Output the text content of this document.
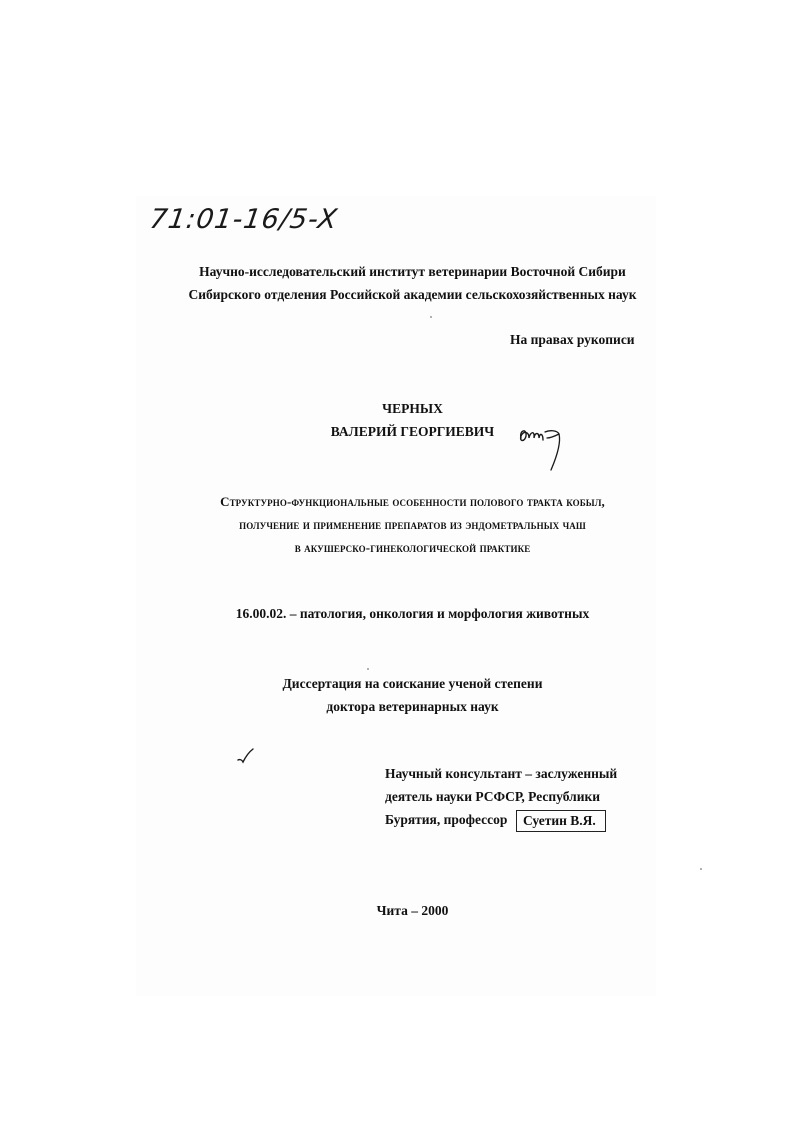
71:01-16/5-X
Научно-исследовательский институт ветеринарии Восточной Сибири
Сибирского отделения Российской академии сельскохозяйственных наук
На правах рукописи
ЧЕРНЫХ
ВАЛЕРИЙ ГЕОРГИЕВИЧ
Структурно-функциональные особенности полового тракта кобыл,
получение и применение препаратов из эндометральных чаш
в акушерско-гинекологической практике
16.00.02. – патология, онкология и морфология животных
Диссертация на соискание ученой степени
доктора ветеринарных наук
Научный консультант – заслуженный
деятель науки РСФСР, Республики
Бурятия, профессор Суетин В.Я.
Чита – 2000
